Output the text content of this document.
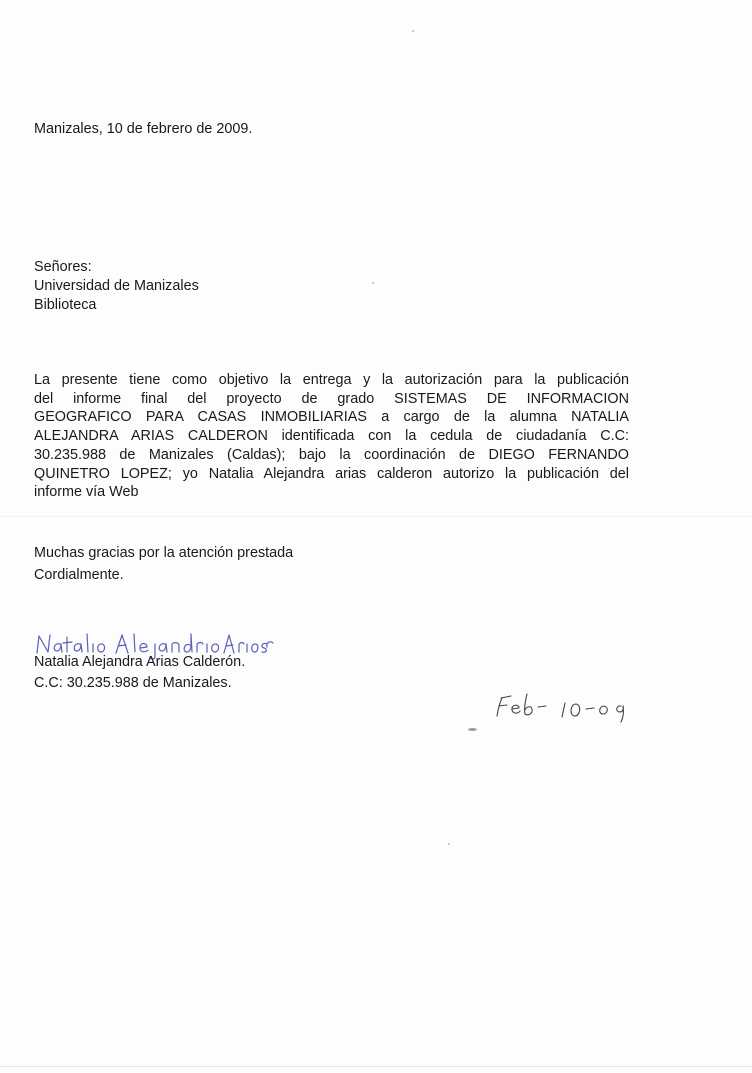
Manizales, 10 de febrero de 2009.
Señores:
Universidad de Manizales
Biblioteca
La presente tiene como objetivo la entrega y la autorización para la publicación
del informe final del proyecto de grado SISTEMAS DE INFORMACION
GEOGRAFICO PARA CASAS INMOBILIARIAS a cargo de la alumna NATALIA
ALEJANDRA ARIAS CALDERON identificada con la cedula de ciudadanía C.C:
30.235.988 de Manizales (Caldas); bajo la coordinación de DIEGO FERNANDO
QUINETRO LOPEZ; yo Natalia Alejandra arias calderon autorizo la publicación del
informe vía Web
Muchas gracias por la atención prestada
Cordialmente.
Natalia Alejandra Arias Calderón.
C.C: 30.235.988 de Manizales.
